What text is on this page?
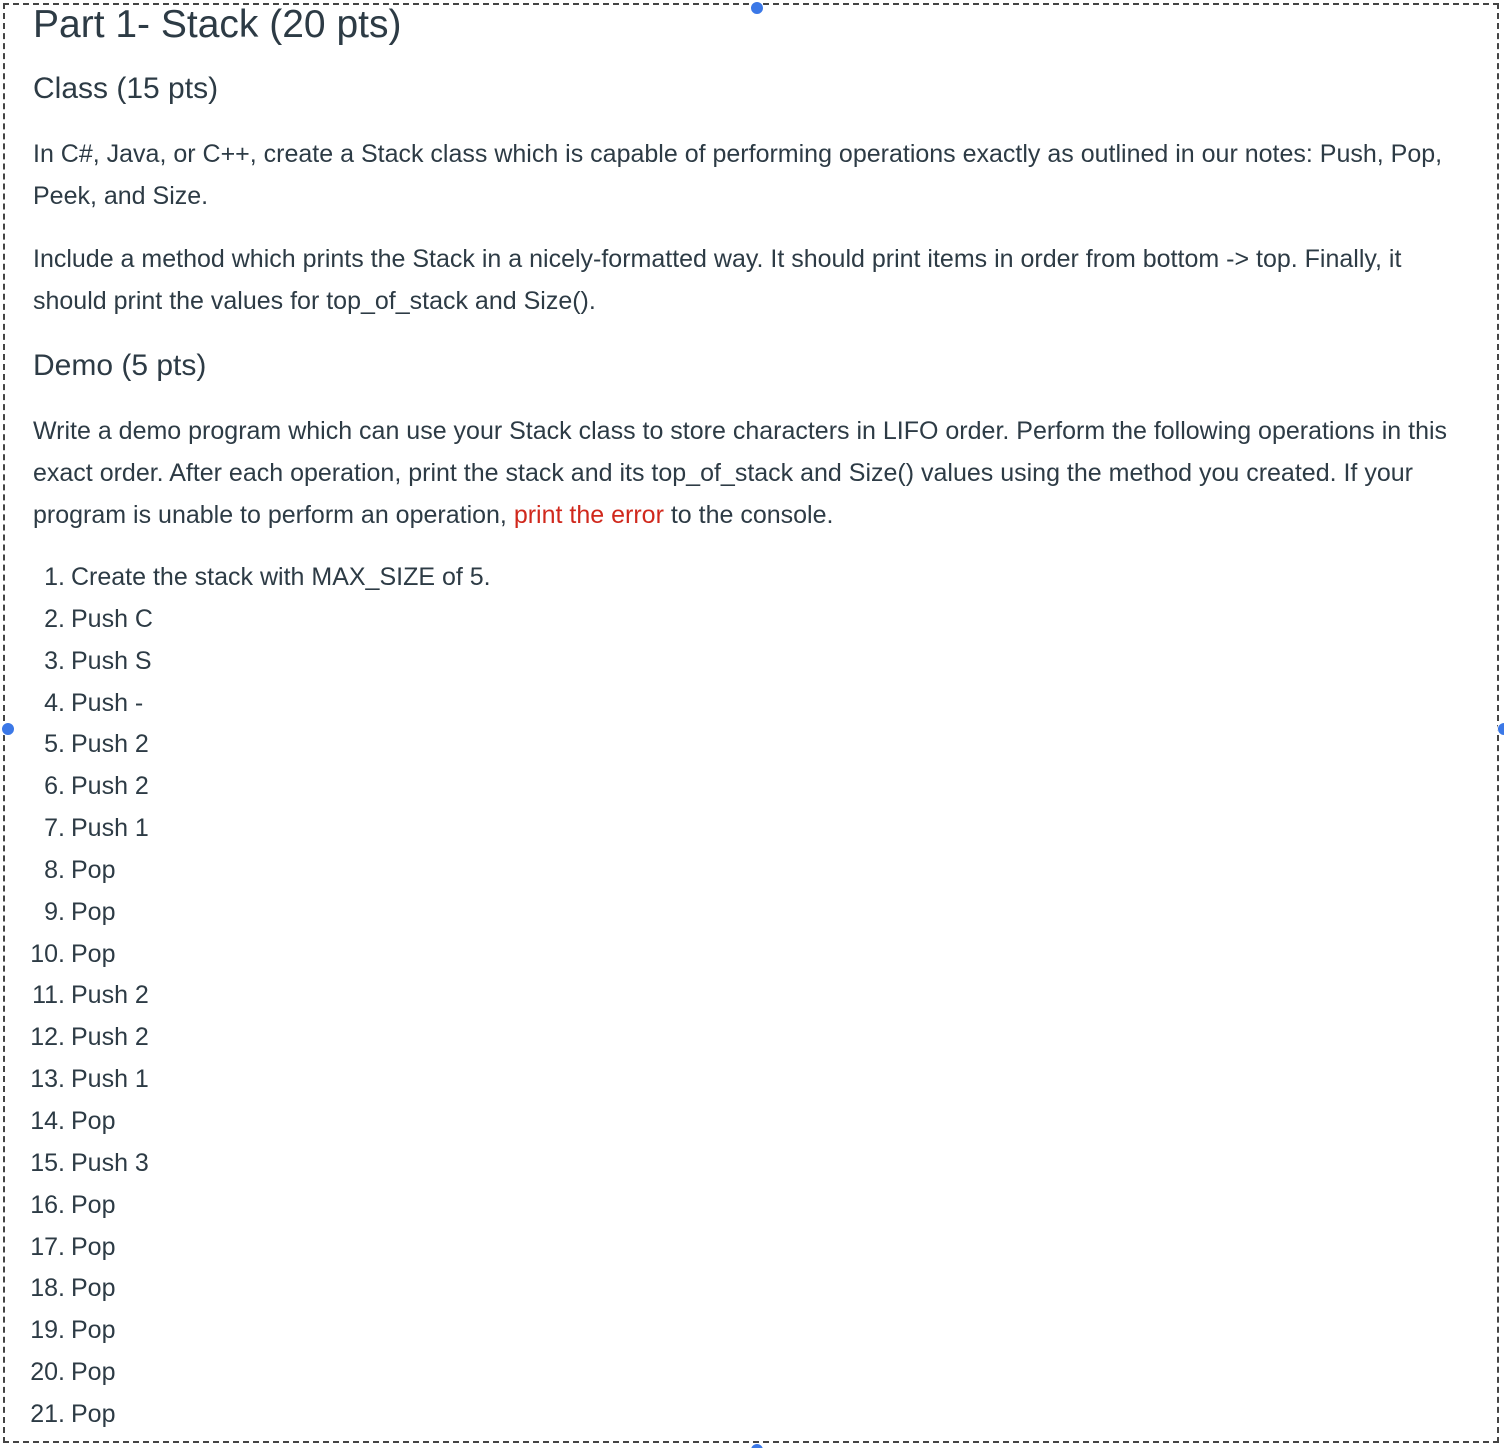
Part 1- Stack (20 pts)
Class (15 pts)

In C#, Java, or C++, create a Stack class which is capable of performing operations exactly as outlined in our notes: Push, Pop, Peek, and Size.

Include a method which prints the Stack in a nicely-formatted way. It should print items in order from bottom -> top. Finally, it should print the values for top_of_stack and Size().

Demo (5 pts)

Write a demo program which can use your Stack class to store characters in LIFO order. Perform the following operations in this exact order. After each operation, print the stack and its top_of_stack and Size() values using the method you created. If your program is unable to perform an operation, print the error to the console.

1. Create the stack with MAX_SIZE of 5.
2. Push C
3. Push S
4. Push -
5. Push 2
6. Push 2
7. Push 1
8. Pop
9. Pop
10. Pop
11. Push 2
12. Push 2
13. Push 1
14. Pop
15. Push 3
16. Pop
17. Pop
18. Pop
19. Pop
20. Pop
21. Pop
